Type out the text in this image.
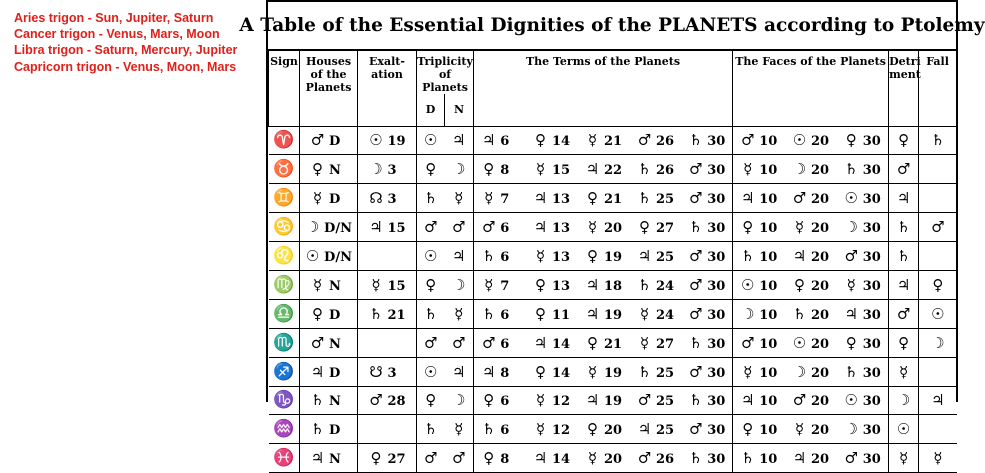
Aries trigon - Sun, Jupiter, Saturn
Cancer trigon - Venus, Mars, Moon
Libra trigon - Saturn, Mercury, Jupiter
Capricorn trigon - Venus, Moon, Mars
A Table of the Essential Dignities of the PLANETS according to Ptolemy
Sign	Houses of the Planets	Exalt-ation	Triplicity of Planets		The Terms of the Planets					The Faces of the Planets			Detri ment	Fall
			D	N										
♈	♂ D	☉ 19	☉	♃	♃ 6	♀ 14	☿ 21	♂ 26	♄ 30	♂ 10	☉ 20	♀ 30	♀	♄
♉	♀ N	☽ 3	♀	☽	♀ 8	☿ 15	♃ 22	♄ 26	♂ 30	☿ 10	☽ 20	♄ 30	♂	
♊	☿ D	☊ 3	♄	☿	☿ 7	♃ 13	♀ 21	♄ 25	♂ 30	♃ 10	♂ 20	☉ 30	♃	
♋	☽ D/N	♃ 15	♂	♂	♂ 6	♃ 13	☿ 20	♀ 27	♄ 30	♀ 10	☿ 20	☽ 30	♄	♂
♌	☉ D/N		☉	♃	♄ 6	☿ 13	♀ 19	♃ 25	♂ 30	♄ 10	♃ 20	♂ 30	♄	
♍	☿ N	☿ 15	♀	☽	☿ 7	♀ 13	♃ 18	♄ 24	♂ 30	☉ 10	♀ 20	☿ 30	♃	♀
♎	♀ D	♄ 21	♄	☿	♄ 6	♀ 11	♃ 19	☿ 24	♂ 30	☽ 10	♄ 20	♃ 30	♂	☉
♏	♂ N		♂	♂	♂ 6	♃ 14	♀ 21	☿ 27	♄ 30	♂ 10	☉ 20	♀ 30	♀	☽
♐	♃ D	☋ 3	☉	♃	♃ 8	♀ 14	☿ 19	♄ 25	♂ 30	☿ 10	☽ 20	♄ 30	☿	
♑	♄ N	♂ 28	♀	☽	♀ 6	☿ 12	♃ 19	♂ 25	♄ 30	♃ 10	♂ 20	☉ 30	☽	♃
♒	♄ D		♄	☿	♄ 6	☿ 12	♀ 20	♃ 25	♂ 30	♀ 10	☿ 20	☽ 30	☉	
♓	♃ N	♀ 27	♂	♂	♀ 8	♃ 14	☿ 20	♂ 26	♄ 30	♄ 10	♃ 20	♂ 30	☿	☿
